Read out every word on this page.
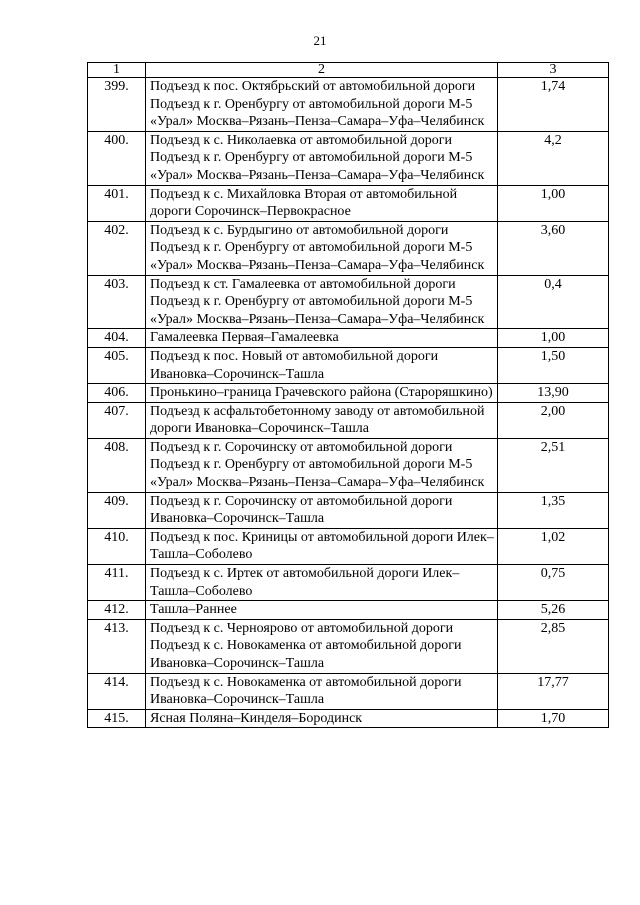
21
1	2	3
399.	Подъезд к пос. Октябрьский от автомобильной дороги Подъезд к г. Оренбургу от автомобильной дороги М-5 «Урал» Москва–Рязань–Пенза–Самара–Уфа–Челябинск	1,74
400.	Подъезд к с. Николаевка от автомобильной дороги Подъезд к г. Оренбургу от автомобильной дороги М-5 «Урал» Москва–Рязань–Пенза–Самара–Уфа–Челябинск	4,2
401.	Подъезд к с. Михайловка Вторая от автомобильной дороги Сорочинск–Первокрасное	1,00
402.	Подъезд к с. Бурдыгино от автомобильной дороги Подъезд к г. Оренбургу от автомобильной дороги М-5 «Урал» Москва–Рязань–Пенза–Самара–Уфа–Челябинск	3,60
403.	Подъезд к ст. Гамалеевка от автомобильной дороги Подъезд к г. Оренбургу от автомобильной дороги М-5 «Урал» Москва–Рязань–Пенза–Самара–Уфа–Челябинск	0,4
404.	Гамалеевка Первая–Гамалеевка	1,00
405.	Подъезд к пос. Новый от автомобильной дороги Ивановка–Сорочинск–Ташла	1,50
406.	Пронькино–граница Грачевского района (Староряшкино)	13,90
407.	Подъезд к асфальтобетонному заводу от автомобильной дороги Ивановка–Сорочинск–Ташла	2,00
408.	Подъезд к г. Сорочинску от автомобильной дороги Подъезд к г. Оренбургу от автомобильной дороги М-5 «Урал» Москва–Рязань–Пенза–Самара–Уфа–Челябинск	2,51
409.	Подъезд к г. Сорочинску от автомобильной дороги Ивановка–Сорочинск–Ташла	1,35
410.	Подъезд к пос. Криницы от автомобильной дороги Илек–Ташла–Соболево	1,02
411.	Подъезд к с. Иртек от автомобильной дороги Илек–Ташла–Соболево	0,75
412.	Ташла–Раннее	5,26
413.	Подъезд к с. Черноярово от автомобильной дороги Подъезд к с. Новокаменка от автомобильной дороги Ивановка–Сорочинск–Ташла	2,85
414.	Подъезд к с. Новокаменка от автомобильной дороги Ивановка–Сорочинск–Ташла	17,77
415.	Ясная Поляна–Кинделя–Бородинск	1,70
